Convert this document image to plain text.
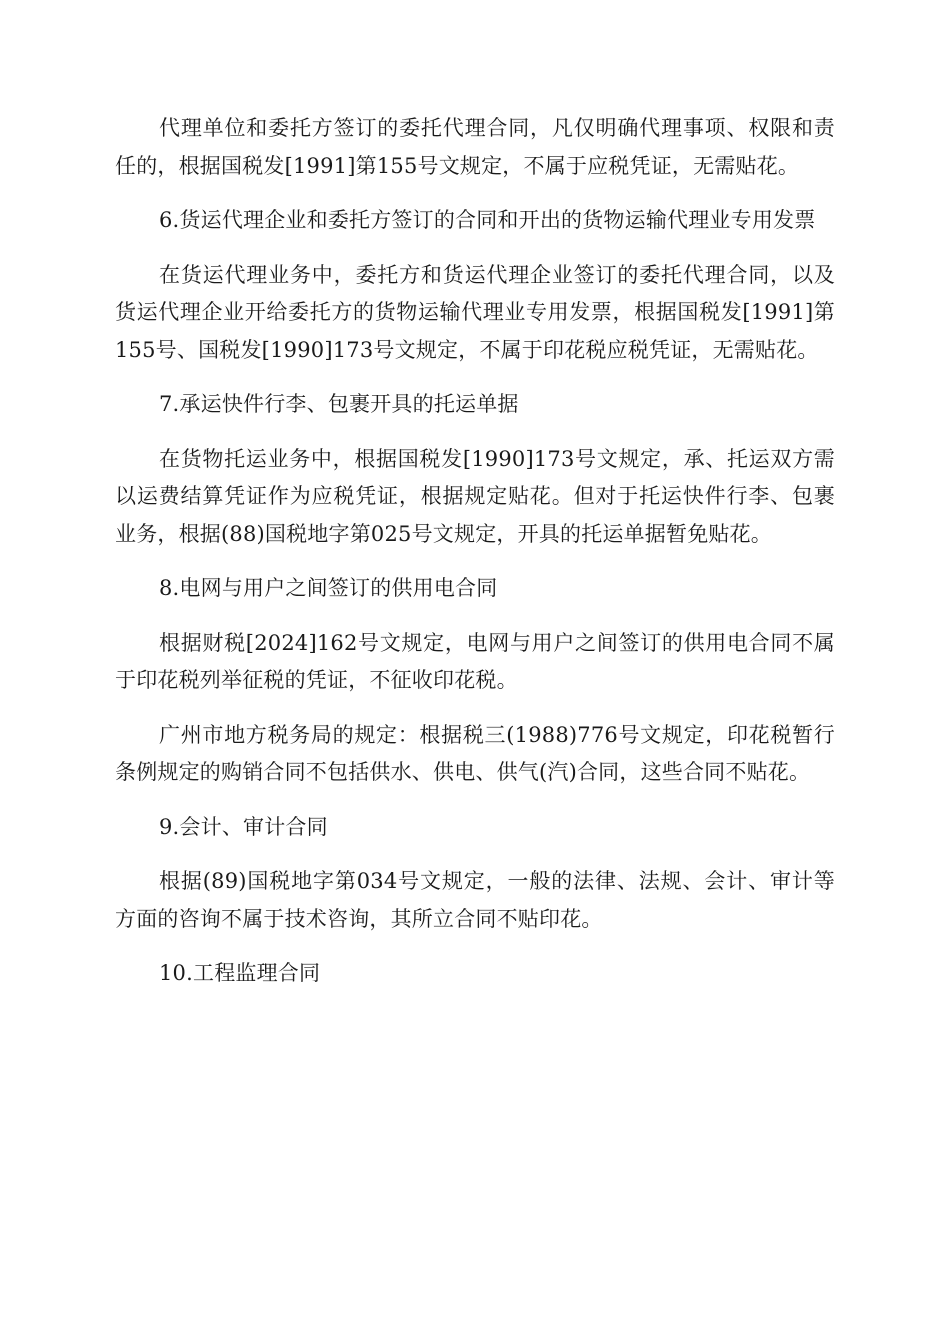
代理单位和委托方签订的委托代理合同，凡仅明确代理事项、权限和责任的，根据国税发[1991]第155号文规定，不属于应税凭证，无需贴花。

6.货运代理企业和委托方签订的合同和开出的货物运输代理业专用发票

在货运代理业务中，委托方和货运代理企业签订的委托代理合同，以及货运代理企业开给委托方的货物运输代理业专用发票，根据国税发[1991]第155号、国税发[1990]173号文规定，不属于印花税应税凭证，无需贴花。

7.承运快件行李、包裹开具的托运单据

在货物托运业务中，根据国税发[1990]173号文规定，承、托运双方需以运费结算凭证作为应税凭证，根据规定贴花。但对于托运快件行李、包裹业务，根据(88)国税地字第025号文规定，开具的托运单据暂免贴花。

8.电网与用户之间签订的供用电合同

根据财税[2024]162号文规定，电网与用户之间签订的供用电合同不属于印花税列举征税的凭证，不征收印花税。

广州市地方税务局的规定：根据税三(1988)776号文规定，印花税暂行条例规定的购销合同不包括供水、供电、供气(汽)合同，这些合同不贴花。

9.会计、审计合同

根据(89)国税地字第034号文规定，一般的法律、法规、会计、审计等方面的咨询不属于技术咨询，其所立合同不贴印花。

10.工程监理合同
